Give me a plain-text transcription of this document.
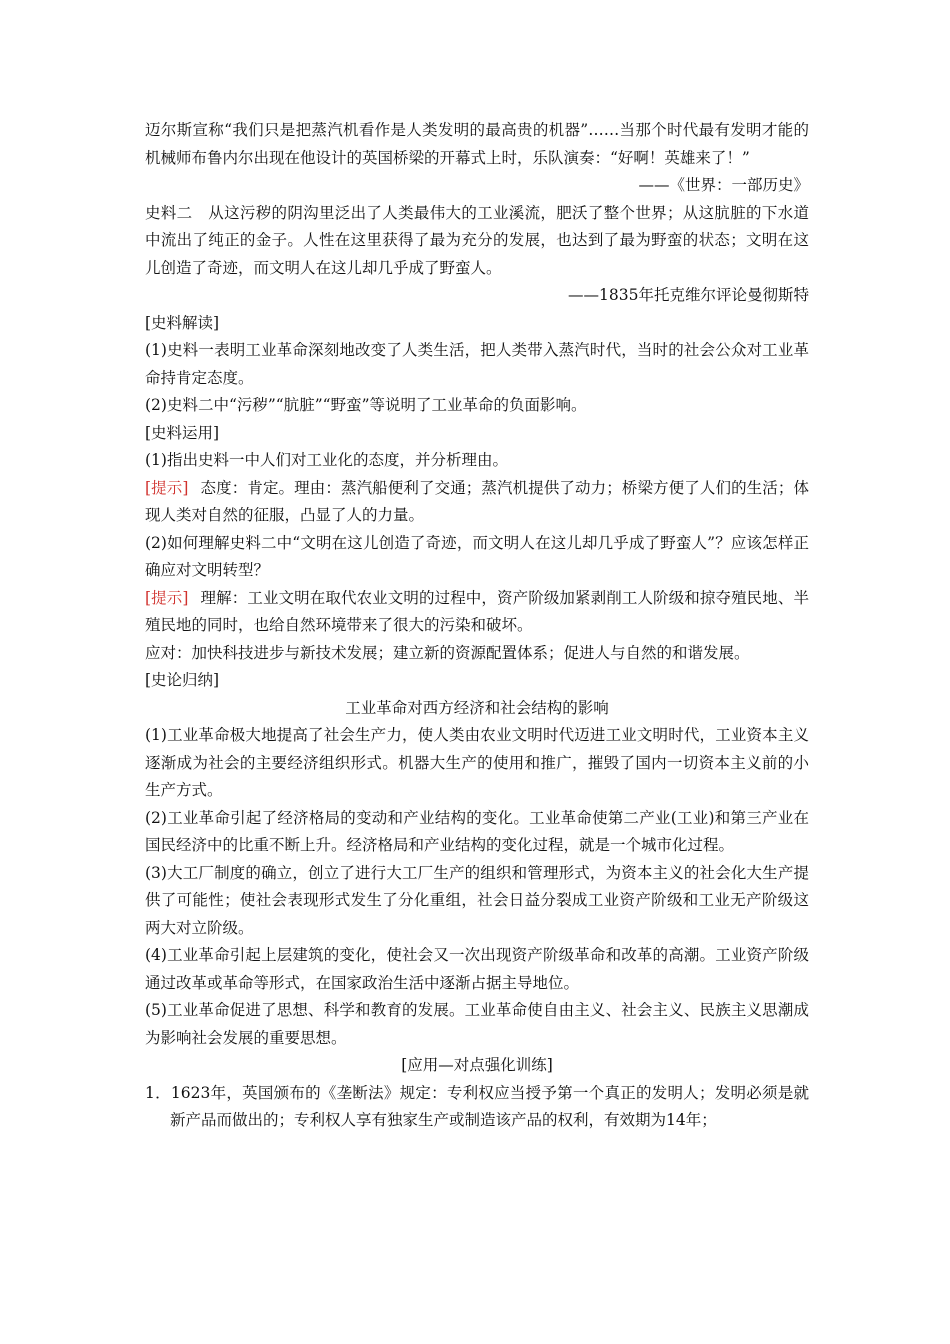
迈尔斯宣称“我们只是把蒸汽机看作是人类发明的最高贵的机器”……当那个时代最有发明才能的机械师布鲁内尔出现在他设计的英国桥梁的开幕式上时，乐队演奏：“好啊！英雄来了！”

——《世界：一部历史》

史料二　从这污秽的阴沟里泛出了人类最伟大的工业溪流，肥沃了整个世界；从这肮脏的下水道中流出了纯正的金子。人性在这里获得了最为充分的发展，也达到了最为野蛮的状态；文明在这儿创造了奇迹，而文明人在这儿却几乎成了野蛮人。

——1835年托克维尔评论曼彻斯特

[史料解读]

(1)史料一表明工业革命深刻地改变了人类生活，把人类带入蒸汽时代，当时的社会公众对工业革命持肯定态度。

(2)史料二中“污秽”“肮脏”“野蛮”等说明了工业革命的负面影响。

[史料运用]

(1)指出史料一中人们对工业化的态度，并分析理由。

[提示] 态度：肯定。理由：蒸汽船便利了交通；蒸汽机提供了动力；桥梁方便了人们的生活；体现人类对自然的征服，凸显了人的力量。

(2)如何理解史料二中“文明在这儿创造了奇迹，而文明人在这儿却几乎成了野蛮人”？应该怎样正确应对文明转型？

[提示] 理解：工业文明在取代农业文明的过程中，资产阶级加紧剥削工人阶级和掠夺殖民地、半殖民地的同时，也给自然环境带来了很大的污染和破坏。

应对：加快科技进步与新技术发展；建立新的资源配置体系；促进人与自然的和谐发展。

[史论归纳]

工业革命对西方经济和社会结构的影响

(1)工业革命极大地提高了社会生产力，使人类由农业文明时代迈进工业文明时代，工业资本主义逐渐成为社会的主要经济组织形式。机器大生产的使用和推广，摧毁了国内一切资本主义前的小生产方式。

(2)工业革命引起了经济格局的变动和产业结构的变化。工业革命使第二产业(工业)和第三产业在国民经济中的比重不断上升。经济格局和产业结构的变化过程，就是一个城市化过程。

(3)大工厂制度的确立，创立了进行大工厂生产的组织和管理形式，为资本主义的社会化大生产提供了可能性；使社会表现形式发生了分化重组，社会日益分裂成工业资产阶级和工业无产阶级这两大对立阶级。

(4)工业革命引起上层建筑的变化，使社会又一次出现资产阶级革命和改革的高潮。工业资产阶级通过改革或革命等形式，在国家政治生活中逐渐占据主导地位。

(5)工业革命促进了思想、科学和教育的发展。工业革命使自由主义、社会主义、民族主义思潮成为影响社会发展的重要思想。

[应用—对点强化训练]

1．1623年，英国颁布的《垄断法》规定：专利权应当授予第一个真正的发明人；发明必须是就新产品而做出的；专利权人享有独家生产或制造该产品的权利，有效期为14年；
